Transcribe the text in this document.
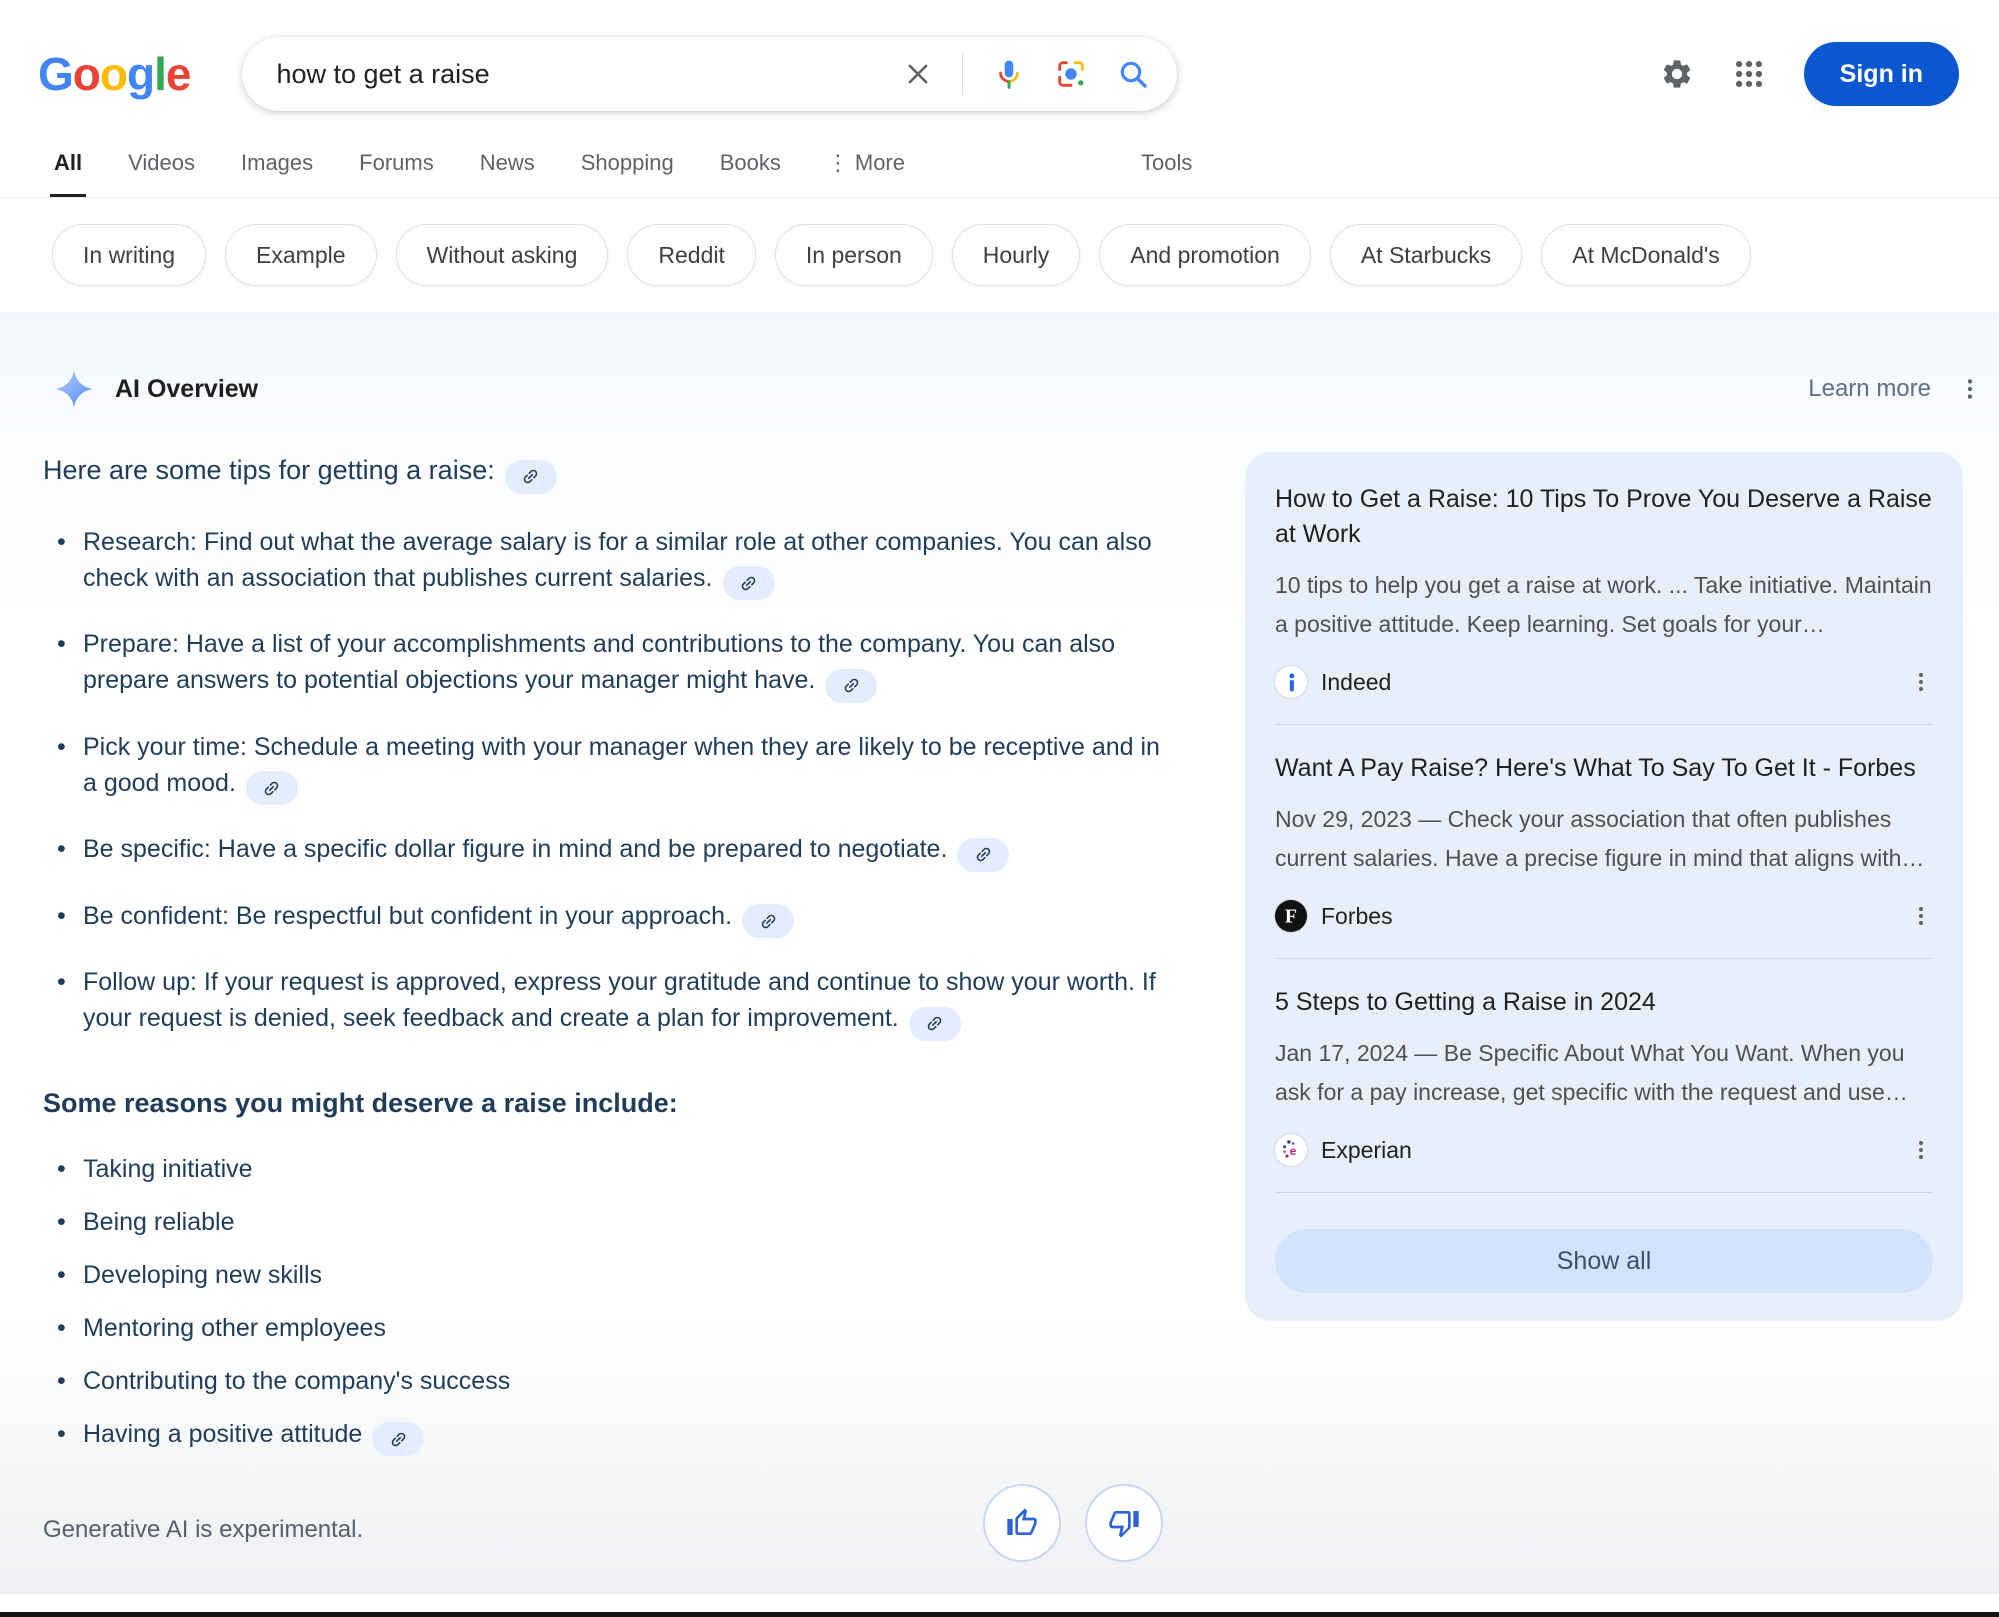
Google
how to get a raise	Sign in
All Videos Images Forums News Shopping Books ⋮ More	Tools
In writing	Example	Without asking	Reddit	In person	Hourly	And promotion	At Starbucks	At McDonald's
AI Overview	Learn more
Here are some tips for getting a raise:
• Research: Find out what the average salary is for a similar role at other companies. You can also check with an association that publishes current salaries.
• Prepare: Have a list of your accomplishments and contributions to the company. You can also prepare answers to potential objections your manager might have.
• Pick your time: Schedule a meeting with your manager when they are likely to be receptive and in a good mood.
• Be specific: Have a specific dollar figure in mind and be prepared to negotiate.
• Be confident: Be respectful but confident in your approach.
• Follow up: If your request is approved, express your gratitude and continue to show your worth. If your request is denied, seek feedback and create a plan for improvement.
Some reasons you might deserve a raise include:
• Taking initiative
• Being reliable
• Developing new skills
• Mentoring other employees
• Contributing to the company's success
• Having a positive attitude
How to Get a Raise: 10 Tips To Prove You Deserve a Raise at Work
10 tips to help you get a raise at work. ... Take initiative. Maintain a positive attitude. Keep learning. Set goals for your…
Indeed
Want A Pay Raise? Here's What To Say To Get It - Forbes
Nov 29, 2023 — Check your association that often publishes current salaries. Have a precise figure in mind that aligns with…
F Forbes
5 Steps to Getting a Raise in 2024
Jan 17, 2024 — Be Specific About What You Want. When you ask for a pay increase, get specific with the request and use…
e Experian
Show all
Generative AI is experimental.
